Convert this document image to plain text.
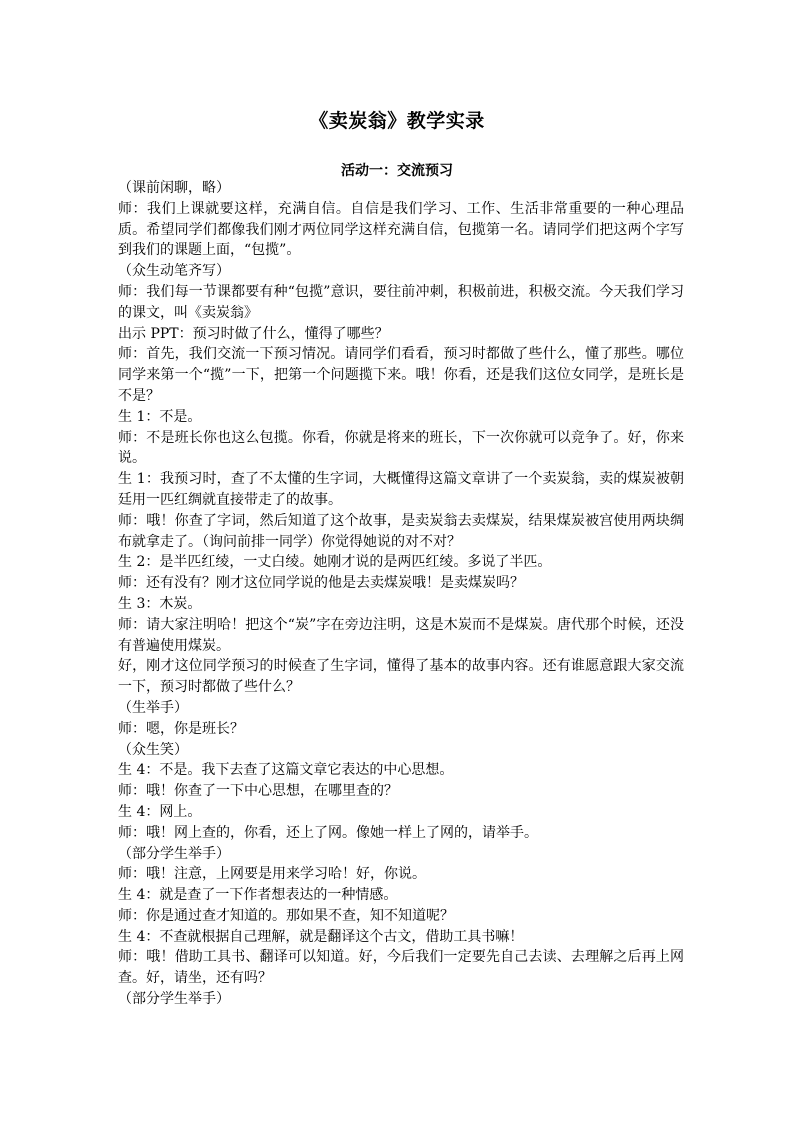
《卖炭翁》教学实录
活动一：交流预习

（课前闲聊，略）

师：我们上课就要这样，充满自信。自信是我们学习、工作、生活非常重要的一种心理品质。希望同学们都像我们刚才两位同学这样充满自信，包揽第一名。请同学们把这两个字写到我们的课题上面，“包揽”。

（众生动笔齐写）

师：我们每一节课都要有种“包揽”意识，要往前冲刺，积极前进，积极交流。今天我们学习的课文，叫《卖炭翁》

出示 PPT：预习时做了什么，懂得了哪些？

师：首先，我们交流一下预习情况。请同学们看看，预习时都做了些什么，懂了那些。哪位同学来第一个“揽”一下，把第一个问题揽下来。哦！你看，还是我们这位女同学，是班长是不是？

生 1：不是。

师：不是班长你也这么包揽。你看，你就是将来的班长，下一次你就可以竞争了。好，你来说。

生 1：我预习时，查了不太懂的生字词，大概懂得这篇文章讲了一个卖炭翁，卖的煤炭被朝廷用一匹红绸就直接带走了的故事。

师：哦！你查了字词，然后知道了这个故事，是卖炭翁去卖煤炭，结果煤炭被宫使用两块绸布就拿走了。（询问前排一同学）你觉得她说的对不对？

生 2：是半匹红绫，一丈白绫。她刚才说的是两匹红绫。多说了半匹。

师：还有没有？刚才这位同学说的他是去卖煤炭哦！是卖煤炭吗？

生 3：木炭。

师：请大家注明哈！把这个“炭”字在旁边注明，这是木炭而不是煤炭。唐代那个时候，还没有普遍使用煤炭。

好，刚才这位同学预习的时候查了生字词，懂得了基本的故事内容。还有谁愿意跟大家交流一下，预习时都做了些什么？

（生举手）

师：嗯，你是班长？

（众生笑）

生 4：不是。我下去查了这篇文章它表达的中心思想。

师：哦！你查了一下中心思想，在哪里查的？

生 4：网上。

师：哦！网上查的，你看，还上了网。像她一样上了网的，请举手。

（部分学生举手）

师：哦！注意，上网要是用来学习哈！好，你说。

生 4：就是查了一下作者想表达的一种情感。

师：你是通过查才知道的。那如果不查，知不知道呢？

生 4：不查就根据自己理解，就是翻译这个古文，借助工具书嘛！

师：哦！借助工具书、翻译可以知道。好，今后我们一定要先自己去读、去理解之后再上网查。好，请坐，还有吗？

（部分学生举手）
